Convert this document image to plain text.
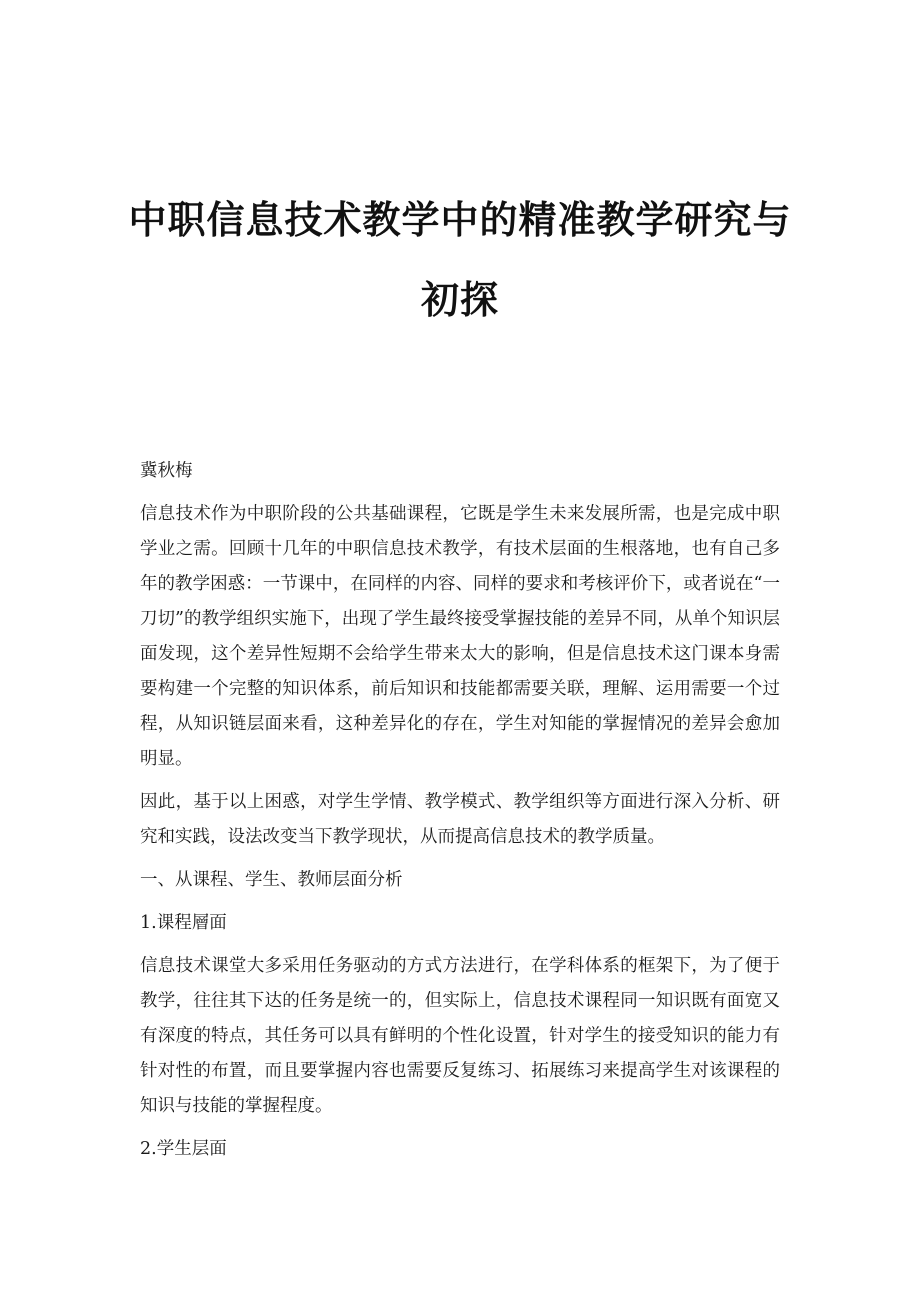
中职信息技术教学中的精准教学研究与
初探

冀秋梅

信息技术作为中职阶段的公共基础课程，它既是学生未来发展所需，也是完成中职学业之需。回顾十几年的中职信息技术教学，有技术层面的生根落地，也有自己多年的教学困惑：一节课中，在同样的内容、同样的要求和考核评价下，或者说在“一刀切”的教学组织实施下，出现了学生最终接受掌握技能的差异不同，从单个知识层面发现，这个差异性短期不会给学生带来太大的影响，但是信息技术这门课本身需要构建一个完整的知识体系，前后知识和技能都需要关联，理解、运用需要一个过程，从知识链层面来看，这种差异化的存在，学生对知能的掌握情况的差异会愈加明显。

因此，基于以上困惑，对学生学情、教学模式、教学组织等方面进行深入分析、研究和实践，设法改变当下教学现状，从而提高信息技术的教学质量。

一、从课程、学生、教师层面分析

1.课程層面

信息技术课堂大多采用任务驱动的方式方法进行，在学科体系的框架下，为了便于教学，往往其下达的任务是统一的，但实际上，信息技术课程同一知识既有面宽又有深度的特点，其任务可以具有鲜明的个性化设置，针对学生的接受知识的能力有针对性的布置，而且要掌握内容也需要反复练习、拓展练习来提高学生对该课程的知识与技能的掌握程度。

2.学生层面
